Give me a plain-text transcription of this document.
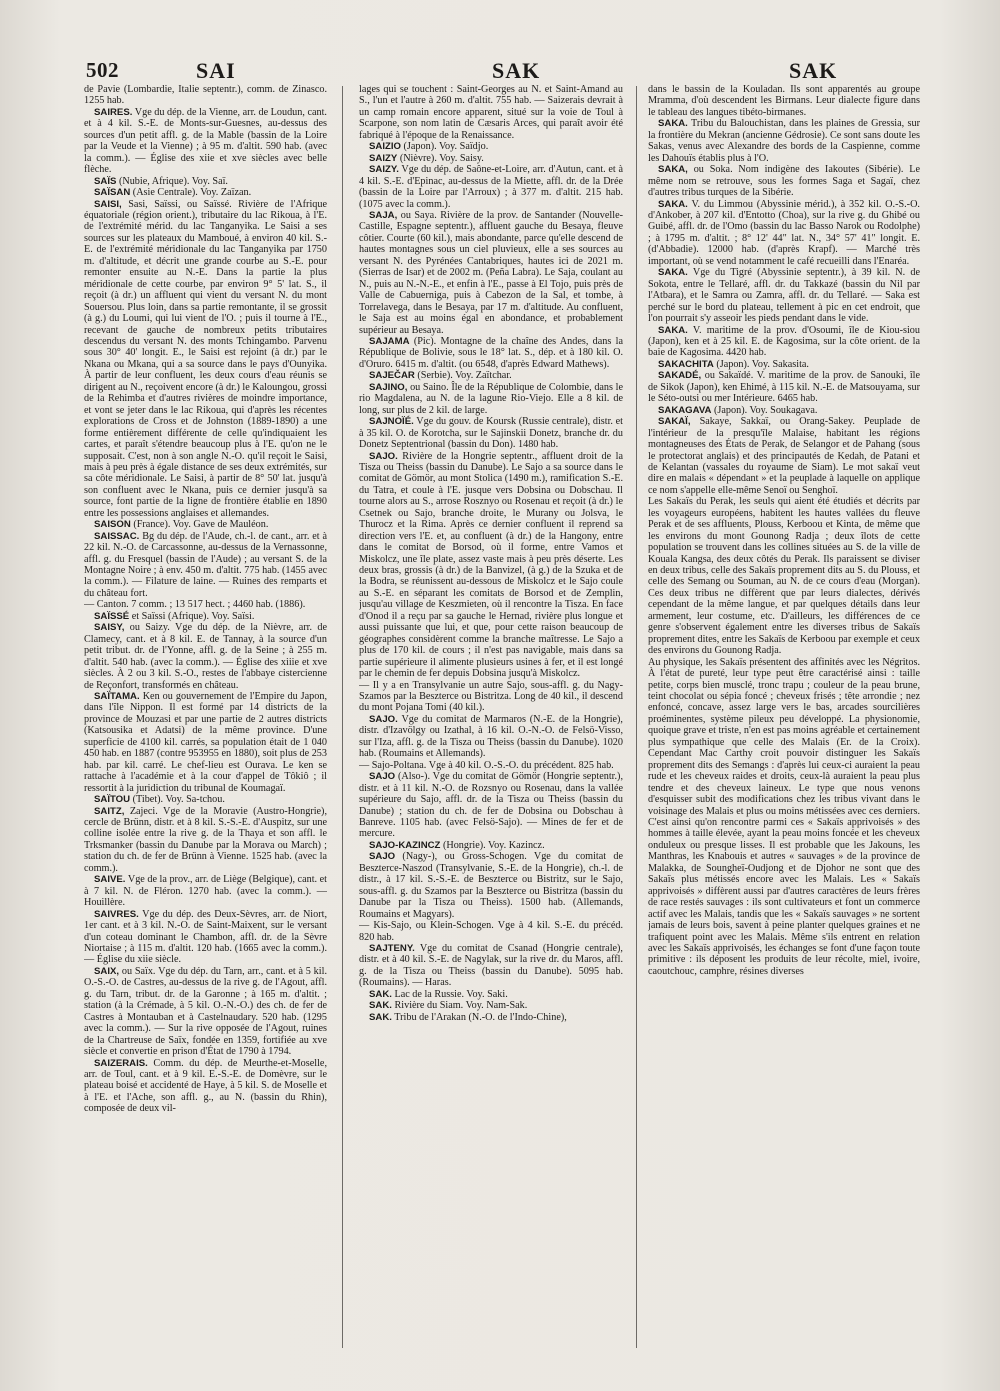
502	SAI	SAK	SAK

de Pavie (Lombardie, Italie septentr.), comm. de Zinasco. 1255 hab.

SAIRES. Vge du dép. de la Vienne, arr. de Loudun, cant. et à 4 kil. S.-E. de Monts-sur-Guesnes, au-dessus des sources d'un petit affl. g. de la Mable (bassin de la Loire par la Veude et la Vienne) ; à 95 m. d'altit. 590 hab. (avec la comm.). — Église des xiie et xve siècles avec belle flèche.

SAÏS (Nubie, Afrique). Voy. Saï.

SAÏSAN (Asie Centrale). Voy. Zaïzan.

SAISI, Sasi, Saïssi, ou Saïssé. Rivière de l'Afrique équatoriale (région orient.), tributaire du lac Rikoua, à l'E. de l'extrémité mérid. du lac Tanganyika. Le Saisi a ses sources sur les plateaux du Mamboué, à environ 40 kil. S.-E. de l'extrémité méridionale du lac Tanganyika par 1750 m. d'altitude, et décrit une grande courbe au S.-E. pour remonter ensuite au N.-E. Dans la partie la plus méridionale de cette courbe, par environ 9° 5' lat. S., il reçoit (à dr.) un affluent qui vient du versant N. du mont Souersou. Plus loin, dans sa partie remontante, il se grossit (à g.) du Loumi, qui lui vient de l'O. ; puis il tourne à l'E., recevant de gauche de nombreux petits tributaires descendus du versant N. des monts Tchingambo. Parvenu sous 30° 40' longit. E., le Saisi est rejoint (à dr.) par le Nkana ou Mkana, qui a sa source dans le pays d'Ounyika. À partir de leur confluent, les deux cours d'eau réunis se dirigent au N., reçoivent encore (à dr.) le Kaloungou, grossi de la Rehimba et d'autres rivières de moindre importance, et vont se jeter dans le lac Rikoua, qui d'après les récentes explorations de Cross et de Johnston (1889-1890) a une forme entièrement différente de celle qu'indiquaient les cartes, et paraît s'étendre beaucoup plus à l'E. qu'on ne le supposait. C'est, non à son angle N.-O. qu'il reçoit le Saisi, mais à peu près à égale distance de ses deux extrémités, sur sa côte méridionale. Le Saisi, à partir de 8° 50' lat. jusqu'à son confluent avec le Nkana, puis ce dernier jusqu'à sa source, font partie de la ligne de frontière établie en 1890 entre les possessions anglaises et allemandes.

SAISON (France). Voy. Gave de Mauléon.

SAISSAC. Bg du dép. de l'Aude, ch.-l. de cant., arr. et à 22 kil. N.-O. de Carcassonne, au-dessus de la Vernassonne, affl. g. du Fresquel (bassin de l'Aude) ; au versant S. de la Montagne Noire ; à env. 450 m. d'altit. 775 hab. (1455 avec la comm.). — Filature de laine. — Ruines des remparts et du château fort.

— Canton. 7 comm. ; 13 517 hect. ; 4460 hab. (1886).

SAÏSSÉ et Saïssi (Afrique). Voy. Saïsi.

SAISY, ou Saizy. Vge du dép. de la Nièvre, arr. de Clamecy, cant. et à 8 kil. E. de Tannay, à la source d'un petit tribut. dr. de l'Yonne, affl. g. de la Seine ; à 255 m. d'altit. 540 hab. (avec la comm.). — Église des xiiie et xve siècles. À 2 ou 3 kil. S.-O., restes de l'abbaye cistercienne de Reçonfort, transformés en château.

SAÏTAMA. Ken ou gouvernement de l'Empire du Japon, dans l'île Nippon. Il est formé par 14 districts de la province de Mouzasi et par une partie de 2 autres districts (Katsousika et Adatsi) de la même province. D'une superficie de 4100 kil. carrés, sa population était de 1 040 450 hab. en 1887 (contre 953955 en 1880), soit plus de 253 hab. par kil. carré. Le chef-lieu est Ourava. Le ken se rattache à l'académie et à la cour d'appel de Tôkiô ; il ressortit à la juridiction du tribunal de Koumagaï.

SAÏTOU (Tibet). Voy. Sa-tchou.

SAITZ, Zajeci. Vge de la Moravie (Austro-Hongrie), cercle de Brünn, distr. et à 8 kil. S.-S.-E. d'Auspitz, sur une colline isolée entre la rive g. de la Thaya et son affl. le Trksmanker (bassin du Danube par la Morava ou March) ; station du ch. de fer de Brünn à Vienne. 1525 hab. (avec la comm.).

SAIVE. Vge de la prov., arr. de Liège (Belgique), cant. et à 7 kil. N. de Fléron. 1270 hab. (avec la comm.). — Houillère.

SAIVRES. Vge du dép. des Deux-Sèvres, arr. de Niort, 1er cant. et à 3 kil. N.-O. de Saint-Maixent, sur le versant d'un coteau dominant le Chambon, affl. dr. de la Sèvre Niortaise ; à 115 m. d'altit. 120 hab. (1665 avec la comm.). — Église du xiie siècle.

SAIX, ou Saïx. Vge du dép. du Tarn, arr., cant. et à 5 kil. O.-S.-O. de Castres, au-dessus de la rive g. de l'Agout, affl. g. du Tarn, tribut. dr. de la Garonne ; à 165 m. d'altit. ; station (à la Crémade, à 5 kil. O.-N.-O.) des ch. de fer de Castres à Montauban et à Castelnaudary. 520 hab. (1295 avec la comm.). — Sur la rive opposée de l'Agout, ruines de la Chartreuse de Saïx, fondée en 1359, fortifiée au xve siècle et convertie en prison d'État de 1790 à 1794.

SAIZERAIS. Comm. du dép. de Meurthe-et-Moselle, arr. de Toul, cant. et à 9 kil. E.-S.-E. de Domèvre, sur le plateau boisé et accidenté de Haye, à 5 kil. S. de Moselle et à l'E. et l'Ache, son affl. g., au N. (bassin du Rhin), composée de deux vil-

lages qui se touchent : Saint-Georges au N. et Saint-Amand au S., l'un et l'autre à 260 m. d'altit. 755 hab. — Saizerais devrait à un camp romain encore apparent, situé sur la voie de Toul à Scarpone, son nom latin de Cæsaris Arces, qui paraît avoir été fabriqué à l'époque de la Renaissance.

SAIZIO (Japon). Voy. Saïdjo.

SAIZY (Nièvre). Voy. Saisy.

SAIZY. Vge du dép. de Saône-et-Loire, arr. d'Autun, cant. et à 4 kil. S.-E. d'Epinac, au-dessus de la Miette, affl. dr. de la Drée (bassin de la Loire par l'Arroux) ; à 377 m. d'altit. 215 hab. (1075 avec la comm.).

SAJA, ou Saya. Rivière de la prov. de Santander (Nouvelle-Castille, Espagne septentr.), affluent gauche du Besaya, fleuve côtier. Courte (60 kil.), mais abondante, parce qu'elle descend de hautes montagnes sous un ciel pluvieux, elle a ses sources au versant N. des Pyrénées Cantabriques, hautes ici de 2021 m. (Sierras de Isar) et de 2002 m. (Peña Labra). Le Saja, coulant au N., puis au N.-N.-E., et enfin à l'E., passe à El Tojo, puis près de Valle de Cabuerniga, puis à Cabezon de la Sal, et tombe, à Torrelavega, dans le Besaya, par 17 m. d'altitude. Au confluent, le Saja est au moins égal en abondance, et probablement supérieur au Besaya.

SAJAMA (Pic). Montagne de la chaîne des Andes, dans la République de Bolivie, sous le 18° lat. S., dép. et à 180 kil. O. d'Oruro. 6415 m. d'altit. (ou 6548, d'après Edward Mathews).

SAJEČAR (Serbie). Voy. Zaïtchar.

SAJINO, ou Saino. Île de la République de Colombie, dans le rio Magdalena, au N. de la lagune Rio-Viejo. Elle a 8 kil. de long, sur plus de 2 kil. de large.

SAJNOÏÉ. Vge du gouv. de Koursk (Russie centrale), distr. et à 35 kil. O. de Korotcha, sur le Sajinskii Donetz, branche dr. du Donetz Septentrional (bassin du Don). 1480 hab.

SAJO. Rivière de la Hongrie septentr., affluent droit de la Tisza ou Theiss (bassin du Danube). Le Sajo a sa source dans le comitat de Gömör, au mont Stolica (1490 m.), ramification S.-E. du Tatra, et coule à l'E. jusque vers Dobsina ou Dobschau. Il tourne alors au S., arrose Rosznyo ou Rosenau et reçoit (à dr.) le Csetnek ou Sajo, branche droite, le Murany ou Jolsva, le Thurocz et la Rima. Après ce dernier confluent il reprend sa direction vers l'E. et, au confluent (à dr.) de la Hangony, entre dans le comitat de Borsod, où il forme, entre Vamos et Miskolcz, une île plate, assez vaste mais à peu près déserte. Les deux bras, grossis (à dr.) de la Banvizel, (à g.) de la Szuka et de la Bodra, se réunissent au-dessous de Miskolcz et le Sajo coule au S.-E. en séparant les comitats de Borsod et de Zemplin, jusqu'au village de Keszmieten, où il rencontre la Tisza. En face d'Onod il a reçu par sa gauche le Hernad, rivière plus longue et aussi puissante que lui, et que, pour cette raison beaucoup de géographes considèrent comme la branche maîtresse. Le Sajo a plus de 170 kil. de cours ; il n'est pas navigable, mais dans sa partie supérieure il alimente plusieurs usines à fer, et il est longé par le chemin de fer depuis Dobsina jusqu'à Miskolcz.

— Il y a en Transylvanie un autre Sajo, sous-affl. g. du Nagy-Szamos par la Beszterce ou Bistritza. Long de 40 kil., il descend du mont Pojana Tomi (40 kil.).

SAJO. Vge du comitat de Marmaros (N.-E. de la Hongrie), distr. d'Izavölgy ou Izathal, à 16 kil. O.-N.-O. de Felsö-Visso, sur l'Iza, affl. g. de la Tisza ou Theiss (bassin du Danube). 1020 hab. (Roumains et Allemands).

— Sajo-Poltana. Vge à 40 kil. O.-S.-O. du précédent. 825 hab.

SAJO (Also-). Vge du comitat de Gömör (Hongrie septentr.), distr. et à 11 kil. N.-O. de Rozsnyo ou Rosenau, dans la vallée supérieure du Sajo, affl. dr. de la Tisza ou Theiss (bassin du Danube) ; station du ch. de fer de Dobsina ou Dobschau à Banreve. 1105 hab. (avec Felsö-Sajo). — Mines de fer et de mercure.

SAJO-KAZINCZ (Hongrie). Voy. Kazincz.

SAJO (Nagy-), ou Gross-Schogen. Vge du comitat de Beszterce-Naszod (Transylvanie, S.-E. de la Hongrie), ch.-l. de distr., à 17 kil. S.-S.-E. de Beszterce ou Bistritz, sur le Sajo, sous-affl. g. du Szamos par la Beszterce ou Bistritza (bassin du Danube par la Tisza ou Theiss). 1500 hab. (Allemands, Roumains et Magyars).

— Kis-Sajo, ou Klein-Schogen. Vge à 4 kil. S.-E. du précéd. 820 hab.

SAJTENY. Vge du comitat de Csanad (Hongrie centrale), distr. et à 40 kil. S.-E. de Nagylak, sur la rive dr. du Maros, affl. g. de la Tisza ou Theiss (bassin du Danube). 5095 hab. (Roumains). — Haras.

SAK. Lac de la Russie. Voy. Saki.

SAK. Rivière du Siam. Voy. Nam-Sak.

SAK. Tribu de l'Arakan (N.-O. de l'Indo-Chine),

dans le bassin de la Kouladan. Ils sont apparentés au groupe Mramma, d'où descendent les Birmans. Leur dialecte figure dans le tableau des langues tibéto-birmanes.

SAKA. Tribu du Balouchistan, dans les plaines de Gressia, sur la frontière du Mekran (ancienne Gédrosie). Ce sont sans doute les Sakas, venus avec Alexandre des bords de la Caspienne, comme les Dahouïs établis plus à l'O.

SAKA, ou Soka. Nom indigène des Iakoutes (Sibérie). Le même nom se retrouve, sous les formes Saga et Sagaï, chez d'autres tribus turques de la Sibérie.

SAKA. V. du Limmou (Abyssinie mérid.), à 352 kil. O.-S.-O. d'Ankober, à 207 kil. d'Entotto (Choa), sur la rive g. du Ghibé ou Guibé, affl. dr. de l'Omo (bassin du lac Basso Narok ou Rodolphe) ; à 1795 m. d'altit. ; 8° 12' 44" lat. N., 34° 57' 41" longit. E. (d'Abbadie). 12000 hab. (d'après Krapf). — Marché très important, où se vend notamment le café recueilli dans l'Enaréa.

SAKA. Vge du Tigré (Abyssinie septentr.), à 39 kil. N. de Sokota, entre le Tellaré, affl. dr. du Takkazé (bassin du Nil par l'Atbara), et le Samra ou Zamra, affl. dr. du Tellaré. — Saka est perché sur le bord du plateau, tellement à pic en cet endroit, que l'on pourrait s'y asseoir les pieds pendant dans le vide.

SAKA. V. maritime de la prov. d'Osoumi, île de Kiou-siou (Japon), ken et à 25 kil. E. de Kagosima, sur la côte orient. de la baie de Kagosima. 4420 hab.

SAKACHITA (Japon). Voy. Sakasita.

SAKADÉ, ou Sakaïdé. V. maritime de la prov. de Sanouki, île de Sikok (Japon), ken Ehimé, à 115 kil. N.-E. de Matsouyama, sur le Séto-outsi ou mer Intérieure. 6465 hab.

SAKAGAVA (Japon). Voy. Soukagava.

SAKAÏ, Sakaye, Sakkaï, ou Orang-Sakey. Peuplade de l'intérieur de la presqu'île Malaise, habitant les régions montagneuses des États de Perak, de Selangor et de Pahang (sous le protectorat anglais) et des principautés de Kedah, de Patani et de Kelantan (vassales du royaume de Siam). Le mot sakaï veut dire en malais « dépendant » et la peuplade à laquelle on applique ce nom s'appelle elle-même Senoï ou Senghoï.

Les Sakaïs du Perak, les seuls qui aient été étudiés et décrits par les voyageurs européens, habitent les hautes vallées du fleuve Perak et de ses affluents, Plouss, Kerboou et Kinta, de même que les environs du mont Gounong Radja ; deux îlots de cette population se trouvent dans les collines situées au S. de la ville de Kouala Kangsa, des deux côtés du Perak. Ils paraissent se diviser en deux tribus, celle des Sakaïs proprement dits au S. du Plouss, et celle des Semang ou Souman, au N. de ce cours d'eau (Morgan). Ces deux tribus ne diffèrent que par leurs dialectes, dérivés cependant de la même langue, et par quelques détails dans leur armement, leur costume, etc. D'ailleurs, les différences de ce genre s'observent également entre les diverses tribus de Sakaïs proprement dites, entre les Sakaïs de Kerboou par exemple et ceux des environs du Gounong Radja.

Au physique, les Sakaïs présentent des affinités avec les Négritos. À l'état de pureté, leur type peut être caractérisé ainsi : taille petite, corps bien musclé, tronc trapu ; couleur de la peau brune, teint chocolat ou sépia foncé ; cheveux frisés ; tête arrondie ; nez enfoncé, concave, assez large vers le bas, arcades sourcilières proéminentes, système pileux peu développé. La physionomie, quoique grave et triste, n'en est pas moins agréable et certainement plus sympathique que celle des Malais (Er. de la Croix). Cependant Mac Carthy croit pouvoir distinguer les Sakaïs proprement dits des Semangs : d'après lui ceux-ci auraient la peau rude et les cheveux raides et droits, ceux-là auraient la peau plus tendre et des cheveux laineux. Le type que nous venons d'esquisser subit des modifications chez les tribus vivant dans le voisinage des Malais et plus ou moins métissées avec ces derniers. C'est ainsi qu'on rencontre parmi ces « Sakaïs apprivoisés » des hommes à taille élevée, ayant la peau moins foncée et les cheveux onduleux ou presque lisses. Il est probable que les Jakouns, les Manthras, les Knabouis et autres « sauvages » de la province de Malakka, de Soungheï-Oudjong et de Djohor ne sont que des Sakaïs plus métissés encore avec les Malais. Les « Sakaïs apprivoisés » diffèrent aussi par d'autres caractères de leurs frères de race restés sauvages : ils sont cultivateurs et font un commerce actif avec les Malais, tandis que les « Sakaïs sauvages » ne sortent jamais de leurs bois, savent à peine planter quelques graines et ne trafiquent point avec les Malais. Même s'ils entrent en relation avec les Sakaïs apprivoisés, les échanges se font d'une façon toute primitive : ils déposent les produits de leur récolte, miel, ivoire, caoutchouc, camphre, résines diverses
